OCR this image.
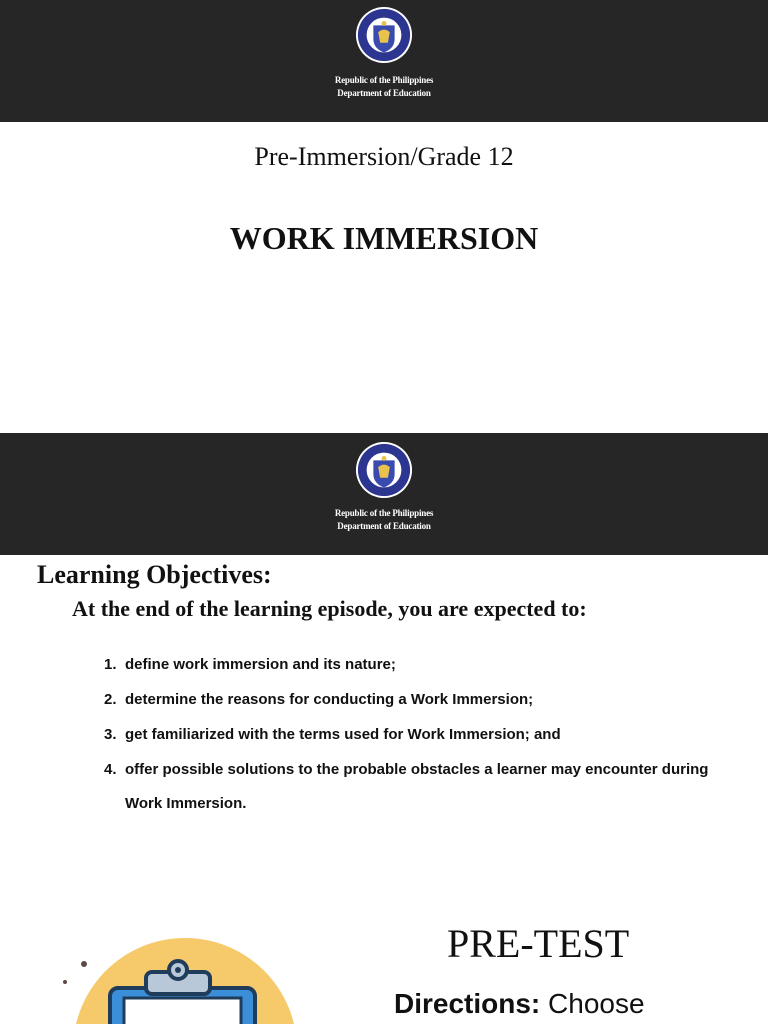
Republic of the Philippines
Department of Education
Pre-Immersion/Grade 12
WORK IMMERSION
Republic of the Philippines
Department of Education
Learning Objectives:
At the end of the learning episode, you are expected to:
1. define work immersion and its nature;
2. determine the reasons for conducting a Work Immersion;
3. get familiarized with the terms used for Work Immersion; and
4. offer possible solutions to the probable obstacles a learner may encounter during Work Immersion.
PRE-TEST
Directions: Choose
